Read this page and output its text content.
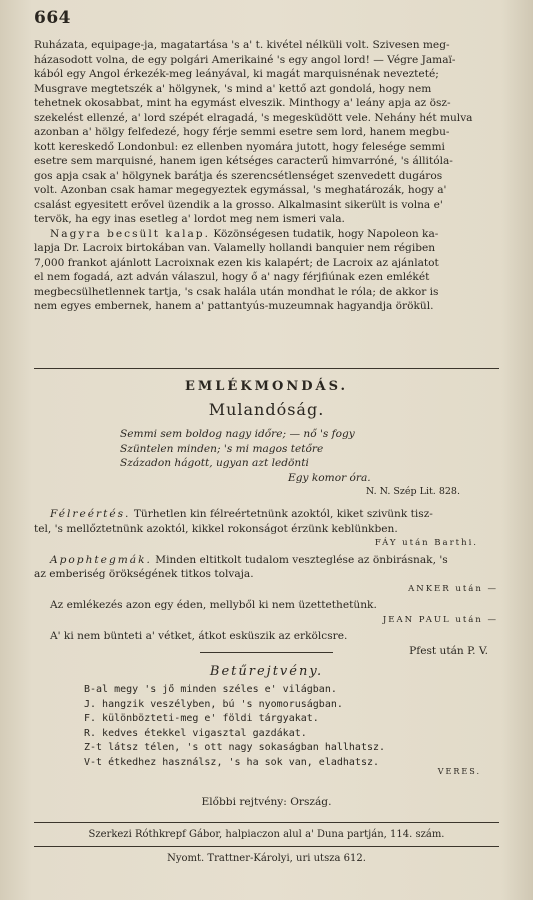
664
Ruházata, equipage-ja, magatartása 's a' t. kivétel nélküli volt. Szivesen meg-
házasodott volna, de egy polgári Amerikainé 's egy angol lord! — Végre Jamaï-
kából egy Angol érkezék-meg leányával, ki magát marquisnénak nevezteté;
Musgrave megtetszék a' hölgynek, 's mind a' kettő azt gondolá, hogy nem
tehetnek okosabbat, mint ha egymást elveszik. Minthogy a' leány apja az ösz-
szekelést ellenzé, a' lord szépét elragadá, 's megesküdött vele. Nehány hét mulva
azonban a' hölgy felfedezé, hogy férje semmi esetre sem lord, hanem megbu-
kott kereskedő Londonbul: ez ellenben nyomára jutott, hogy felesége semmi
esetre sem marquisné, hanem igen kétséges caracterű himvarróné, 's állitóla-
gos apja csak a' hölgynek barátja és szerencsétlenséget szenvedett dugáros
volt. Azonban csak hamar megegyeztek egymással, 's meghatározák, hogy a'
csalást egyesitett erővel üzendik a la grosso. Alkalmasint sikerült is volna e'
tervök, ha egy inas esetleg a' lordot meg nem ismeri vala.
Nagyra becsült kalap. Közönségesen tudatik, hogy Napoleon ka-
lapja Dr. Lacroix birtokában van. Valamelly hollandi banquier nem régiben
7,000 frankot ajánlott Lacroixnak ezen kis kalapért; de Lacroix az ajánlatot
el nem fogadá, azt adván válaszul, hogy ő a' nagy férjfiúnak ezen emlékét
megbecsülhetlennek tartja, 's csak halála után mondhat le róla; de akkor is
nem egyes embernek, hanem a' pattantyús-muzeumnak hagyandja örökül.
EMLÉKMONDÁS.
Mulandóság.
Semmi sem boldog nagy időre; — nő 's fogy
Szüntelen minden; 's mi magos tetőre
Századon hágott, ugyan azt ledönti
Egy komor óra.
N. N. Szép Lit. 828.
Félreértés. Türhetlen kin félreértetnünk azoktól, kiket szivünk tisz-
tel, 's mellőztetnünk azoktól, kikkel rokonságot érzünk keblünkben.
FÁY után Barthi.
Apophtegmák. Minden eltitkolt tudalom veszteglése az önbirásnak, 's
az emberiség örökségének titkos tolvaja.
ANKER után —
Az emlékezés azon egy éden, mellyből ki nem üzettethetünk.
JEAN PAUL után —
A' ki nem bünteti a' vétket, átkot esküszik az erkölcsre.
Pfest után P. V.
Betűrejtvény.
B-al megy 's jő minden széles e' világban.
J. hangzik veszélyben, bú 's nyomoruságban.
F. különbözteti-meg e' földi tárgyakat.
R. kedves étekkel vigasztal gazdákat.
Z-t látsz télen, 's ott nagy sokaságban hallhatsz.
V-t étkedhez használsz, 's ha sok van, eladhatsz.
VERES.
Előbbi rejtvény: Ország.
Szerkezi Róthkrepf Gábor, halpiaczon alul a' Duna partján, 114. szám.
Nyomt. Trattner-Károlyi, uri utsza 612.
